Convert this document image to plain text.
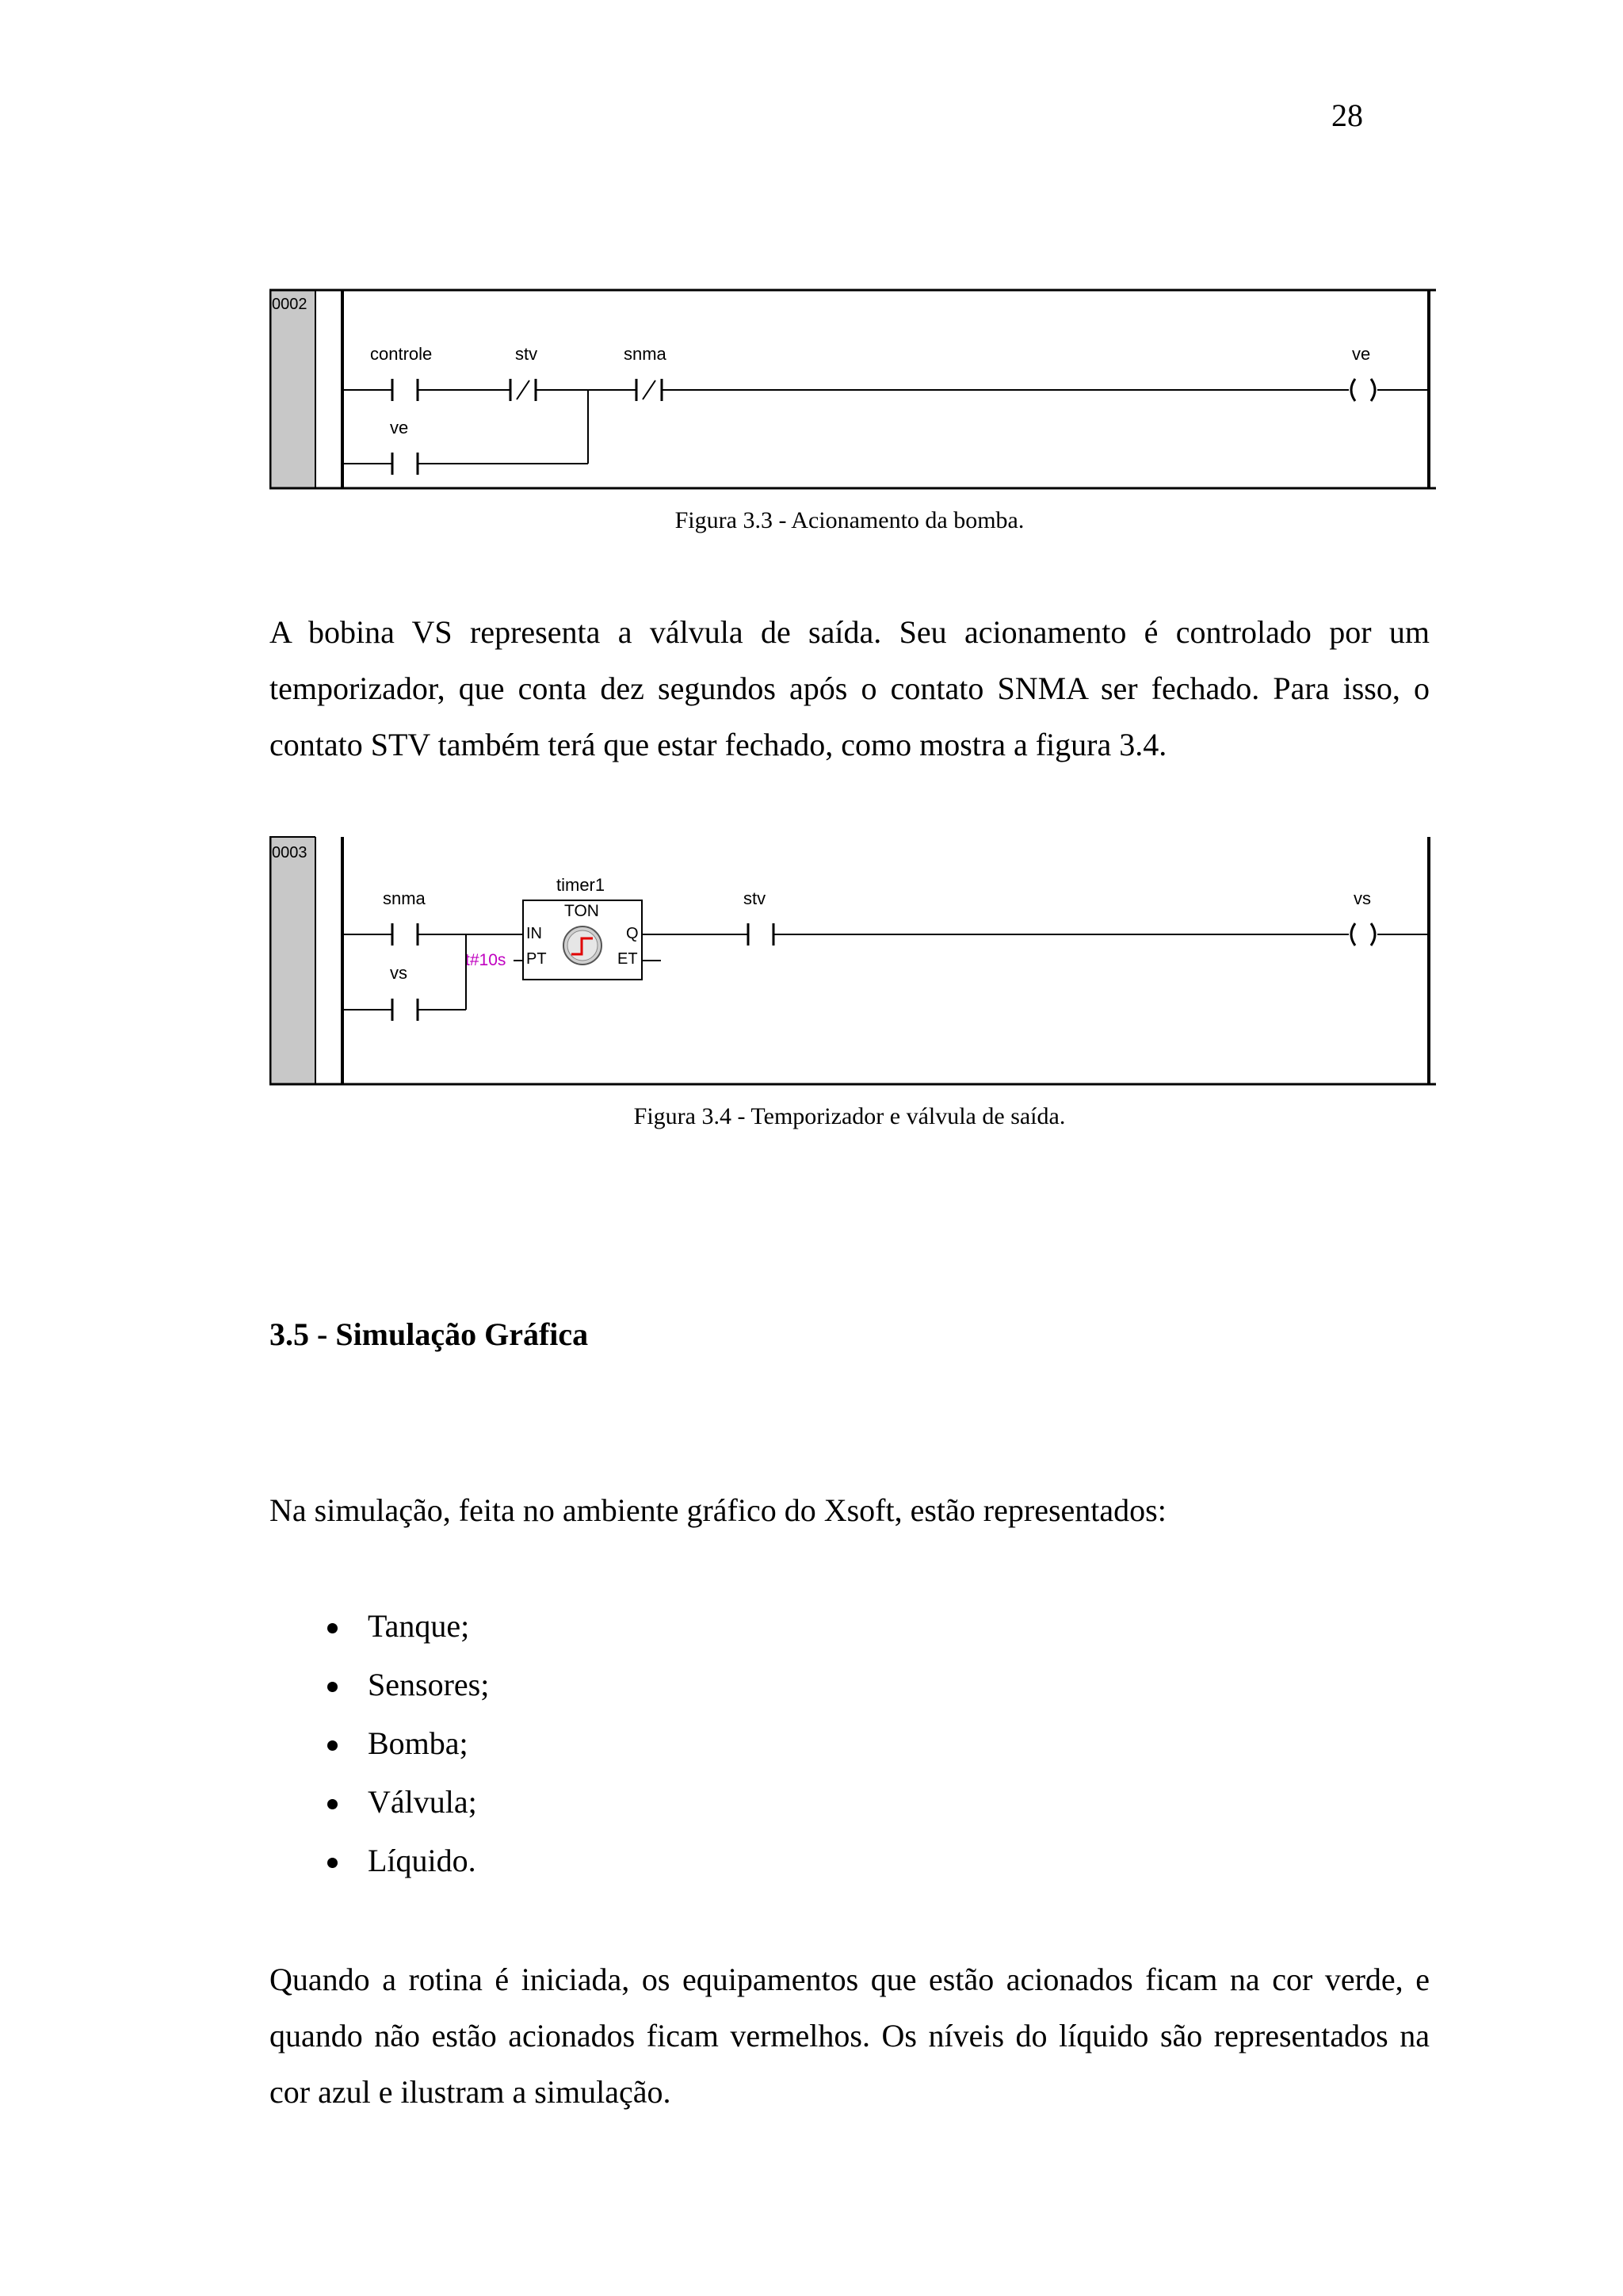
28
0002
controle	stv	snma	ve
ve
Figura 3.3 - Acionamento da bomba.

A bobina VS representa a válvula de saída. Seu acionamento é controlado por um temporizador, que conta dez segundos após o contato SNMA ser fechado. Para isso, o contato STV também terá que estar fechado, como mostra a figura 3.4.

0003
snma
timer1
TON
IN
PT
Q
ET
t#10s
stv	vs
vs
Figura 3.4 - Temporizador e válvula de saída.
3.5 - Simulação Gráfica

Na simulação, feita no ambiente gráfico do Xsoft, estão representados:

Tanque;
Sensores;
Bomba;
Válvula;
Líquido.

Quando a rotina é iniciada, os equipamentos que estão acionados ficam na cor verde, e quando não estão acionados ficam vermelhos. Os níveis do líquido são representados na cor azul e ilustram a simulação.
